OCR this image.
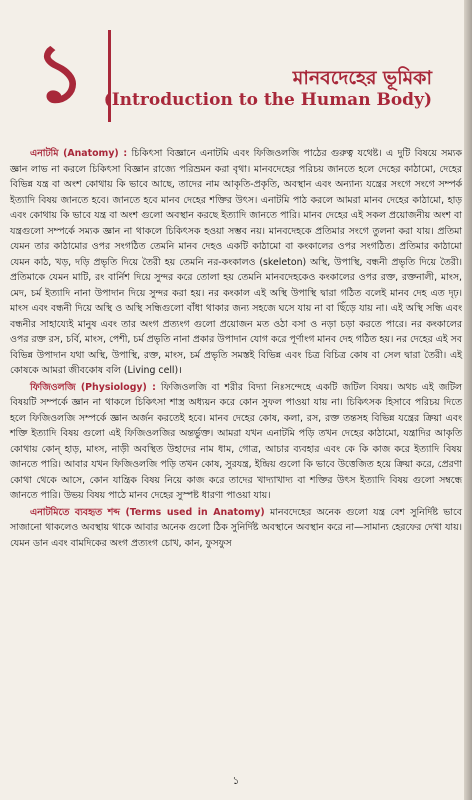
১	মানবদেহের ভূমিকা
(Introduction to the Human Body)

এনাটমি (Anatomy) : চিকিৎসা বিজ্ঞানে এনাটমি এবং ফিজিওলজি পাঠের গুরুত্ব যথেষ্ট। এ দুটি বিষয়ে সম্যক জ্ঞান লাভ না করলে চিকিৎসা বিজ্ঞান রাজ্যে পরিভ্রমন করা বৃথা। মানবদেহের পরিচয় জানতে হলে দেহের কাঠামো, দেহের বিভিন্ন যন্ত্র বা অংশ কোথায় কি ভাবে আছে, তাদের নাম আকৃতি-প্রকৃতি, অবস্থান এবং অন্যান্য যন্ত্রের সংগে সংগে সম্পর্ক ইত্যাদি বিষয় জানতে হবে। জানতে হবে মানব দেহের শক্তির উৎস। এনাটমি পাঠ করলে আমরা মানব দেহের কাঠামো, হাড় এবং কোথায় কি ভাবে যন্ত্র বা অংশ গুলো অবস্থান করছে ইত্যাদি জানতে পারি। মানব দেহের এই সকল প্রয়োজনীয় অংশ বা যন্ত্রগুলো সম্পর্কে সম্যক জ্ঞান না থাকলে চিকিৎসক হওয়া সম্ভব নয়। মানবদেহকে প্রতিমার সংগে তুলনা করা যায়। প্রতিমা যেমন তার কাঠামোর ওপর সংগঠিত তেমনি মানব দেহও একটি কাঠামো বা কংকালের ওপর সংগঠিত। প্রতিমার কাঠামো যেমন কাঠ, খড়, দড়ি প্রভৃতি দিয়ে তৈরী হয় তেমনি নর-কংকালও (skeleton) অস্থি, উপাস্থি, বন্ধনী প্রভৃতি দিয়ে তৈরী। প্রতিমাকে যেমন মাটি, রং বার্নিশ দিয়ে সুন্দর করে তোলা হয় তেমনি মানবদেহকেও কংকালের ওপর রক্ত, রক্তনালী, মাংস, মেদ, চর্ম ইত্যাদি নানা উপাদান দিয়ে সুন্দর করা হয়। নর কংকাল এই অস্থি উপাস্থি দ্বারা গঠিত বলেই মানব দেহ এত দৃঢ়। মাংস এবং বন্ধনী দিয়ে অস্থি ও অস্থি সন্ধিগুলো বাঁধা থাকার জন্য সহজে ঘসে যায় না বা ছিঁড়ে যায় না। এই অস্থি সন্ধি এবং বন্ধনীর সাহায্যেই মানুষ এবং তার অংগ প্রত্যংগ গুলো প্রয়োজন মত ওঠা বসা ও নড়া চড়া করতে পারে। নর কংকালের ওপর রক্ত রস, চর্বি, মাংস, পেশী, চর্ম প্রভৃতি নানা প্রকার উপাদান যোগ করে পূর্ণাংগ মানব দেহ গঠিত হয়। নর দেহের এই সব বিভিন্ন উপাদান যথা অস্থি, উপাস্থি, রক্ত, মাংস, চর্ম প্রভৃতি সমস্তই বিভিন্ন এবং চিত্র বিচিত্র কোষ বা সেল দ্বারা তৈরী। এই কোষকে আমরা জীবকোষ বলি (Living cell)।

ফিজিওলজি (Physiology) : ফিজিওলজি বা শরীর বিদ্যা নিঃসন্দেহে একটি জটিল বিষয়। অথচ এই জটিল বিষয়টি সম্পর্কে জ্ঞান না থাকলে চিকিৎসা শাস্ত্র অধ্যয়ন করে কোন সুফল পাওয়া যায় না। চিকিৎসক হিসাবে পরিচয় দিতে হলে ফিজিওলজি সম্পর্কে জ্ঞান অর্জন করতেই হবে। মানব দেহের কোষ, কলা, রস, রক্ত তন্তসহ বিভিন্ন যন্ত্রের ক্রিয়া এবং শক্তি ইত্যাদি বিষয় গুলো এই ফিজিওলজির অন্তর্ভুক্ত। আমরা যখন এনাটমি পড়ি তখন দেহের কাঠামো, যন্ত্রাদির আকৃতি কোথায় কোন্ হাড়, মাংস, নাড়ী অবস্থিত উহাদের নাম ধাম, গোত্র, আচার ব্যবহার এবং কে কি কাজ করে ইত্যাদি বিষয় জানতে পারি। আবার যখন ফিজিওলজি পড়ি তখন কোষ, সুরযন্ত্র, ইন্দ্রিয় গুলো কি ভাবে উত্তেজিত হয়ে ক্রিয়া করে, প্রেরণা কোথা থেকে আসে, কোন যান্ত্রিক বিষয় নিয়ে কাজ করে তাদের খাদ্যাখাদ্য বা শক্তির উৎস ইত্যাদি বিষয় গুলো সম্বন্ধে জানতে পারি। উভয় বিষয় পাঠে মানব দেহের সুস্পষ্ট ধারণা পাওয়া যায়।

এনাটমিতে ব্যবহৃত শব্দ (Terms used in Anatomy) মানবদেহের অনেক গুলো যন্ত্র বেশ সুনির্দিষ্ট ভাবে সাজানো থাকলেও অবস্থায় থাকে আবার অনেক গুলো ঠিক সুনির্দিষ্ট অবস্থানে অবস্থান করে না—সামান্য হেরফের দেখা যায়। যেমন ডান এবং বামদিকের অংগ প্রত্যংগ চোখ, কান, ফুসফুস

১
